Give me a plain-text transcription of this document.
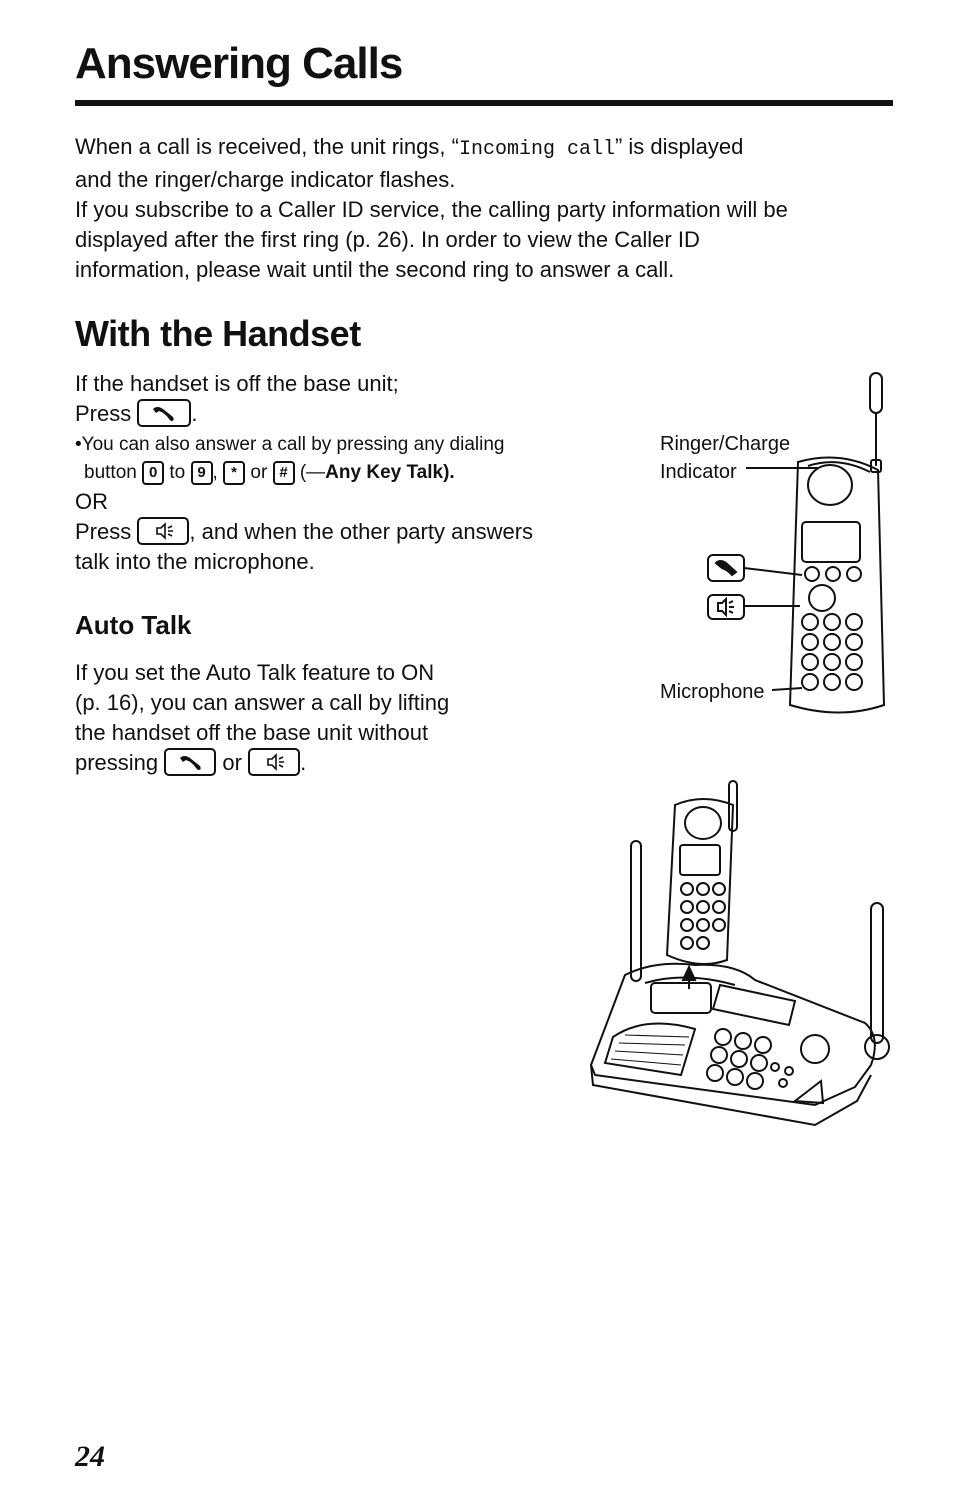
Answering Calls

When a call is received, the unit rings, “Incoming call” is displayed

and the ringer/charge indicator flashes.

If you subscribe to a Caller ID service, the calling party information will be

displayed after the first ring (p. 26). In order to view the Caller ID

information, please wait until the second ring to answer a call.

With the Handset

If the handset is off the base unit;

Press	.

•You can also answer a call by pressing any dialing

button 0 to 9 , * or # (—Any Key Talk).

OR

Press	, and when the other party answers

talk into the microphone.

Auto Talk

If you set the Auto Talk feature to ON

(p. 16), you can answer a call by lifting

the handset off the base unit without

pressing	or	.

Ringer/Charge
Indicator
Microphone
24
